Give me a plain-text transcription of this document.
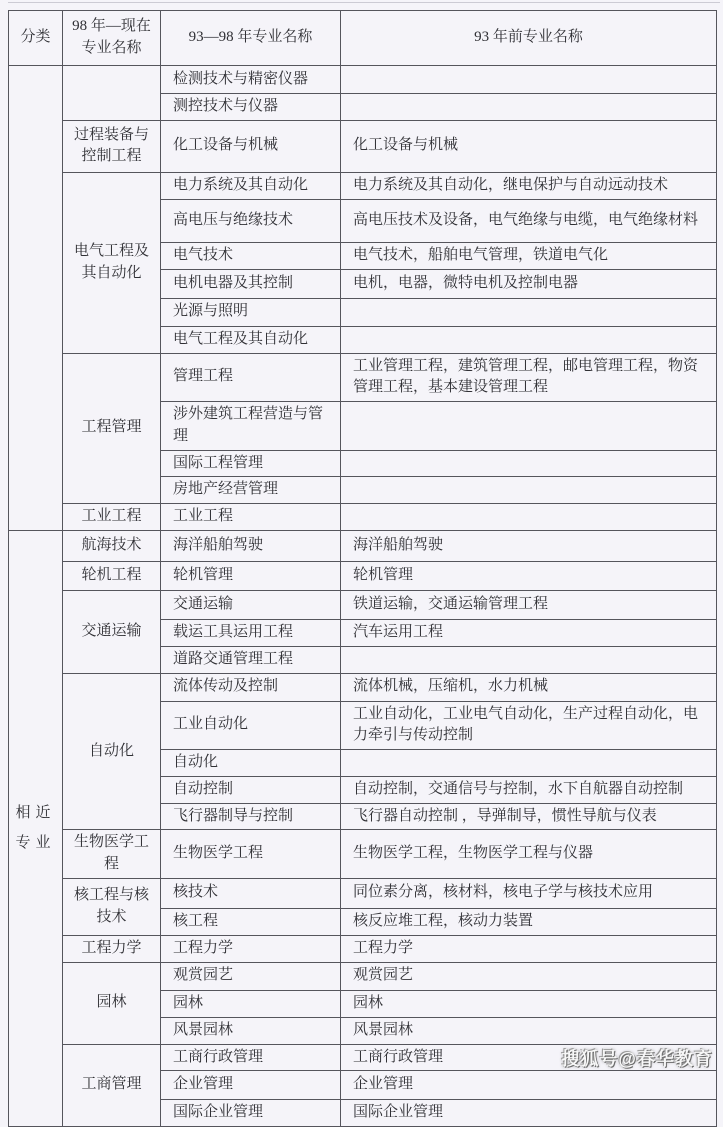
分类	98 年—现在专业名称	93—98 年专业名称	93 年前专业名称
		检测技术与精密仪器	
		测控技术与仪器	
	过程装备与控制工程	化工设备与机械	化工设备与机械
	电气工程及其自动化	电力系统及其自动化	电力系统及其自动化，继电保护与自动远动技术
		高电压与绝缘技术	高电压技术及设备，电气绝缘与电缆，电气绝缘材料
		电气技术	电气技术，船舶电气管理，铁道电气化
		电机电器及其控制	电机，电器，微特电机及控制电器
		光源与照明	
		电气工程及其自动化	
	工程管理	管理工程	工业管理工程，建筑管理工程，邮电管理工程，物资管理工程，基本建设管理工程
		涉外建筑工程营造与管理	
		国际工程管理	
		房地产经营管理	
	工业工程	工业工程	
相近专业	航海技术	海洋船舶驾驶	海洋船舶驾驶
	轮机工程	轮机管理	轮机管理
	交通运输	交通运输	铁道运输，交通运输管理工程
		载运工具运用工程	汽车运用工程
		道路交通管理工程	
	自动化	流体传动及控制	流体机械，压缩机，水力机械
		工业自动化	工业自动化，工业电气自动化，生产过程自动化，电力牵引与传动控制
		自动化	
		自动控制	自动控制，交通信号与控制，水下自航器自动控制
		飞行器制导与控制	飞行器自动控制 ，导弹制导，惯性导航与仪表
	生物医学工程	生物医学工程	生物医学工程，生物医学工程与仪器
	核工程与核技术	核技术	同位素分离，核材料，核电子学与核技术应用
		核工程	核反应堆工程，核动力装置
	工程力学	工程力学	工程力学
	园林	观赏园艺	观赏园艺
		园林	园林
		风景园林	风景园林
	工商管理	工商行政管理	工商行政管理
		企业管理	企业管理
		国际企业管理	国际企业管理
搜狐号@春华教育
